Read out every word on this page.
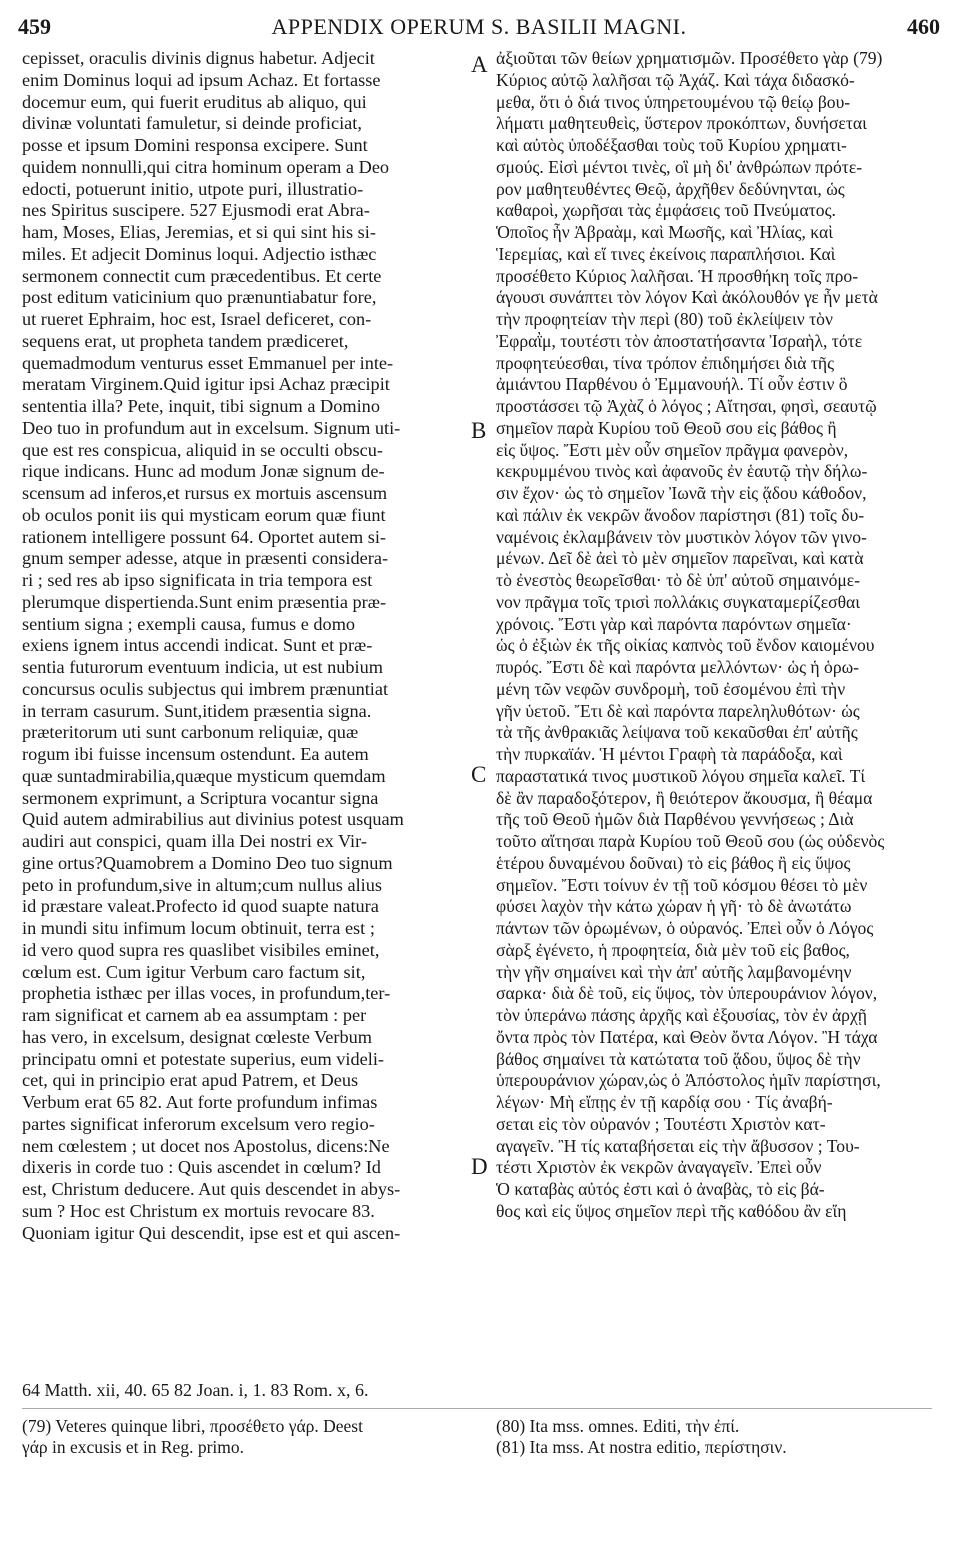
459	APPENDIX OPERUM S. BASILII MAGNI.	460
cepisset, oraculis divinis dignus habetur. Adjecit
enim Dominus loqui ad ipsum Achaz. Et fortasse
docemur eum, qui fuerit eruditus ab aliquo, qui
divinæ voluntati famuletur, si deinde proficiat,
posse et ipsum Domini responsa excipere. Sunt
quidem nonnulli,qui citra hominum operam a Deo
edocti, potuerunt initio, utpote puri, illustratio-
nes Spiritus suscipere. 527 Ejusmodi erat Abra-
ham, Moses, Elias, Jeremias, et si qui sint his si-
miles. Et adjecit Dominus loqui. Adjectio isthæc
sermonem connectit cum præcedentibus. Et certe
post editum vaticinium quo prænuntiabatur fore,
ut rueret Ephraim, hoc est, Israel deficeret, con-
sequens erat, ut propheta tandem prædiceret,
quemadmodum venturus esset Emmanuel per inte-
meratam Virginem.Quid igitur ipsi Achaz præcipit
sententia illa? Pete, inquit, tibi signum a Domino
Deo tuo in profundum aut in excelsum. Signum uti-
que est res conspicua, aliquid in se occulti obscu-
rique indicans. Hunc ad modum Jonæ signum de-
scensum ad inferos,et rursus ex mortuis ascensum
ob oculos ponit iis qui mysticam eorum quæ fiunt
rationem intelligere possunt 64. Oportet autem si-
gnum semper adesse, atque in præsenti considera-
ri ; sed res ab ipso significata in tria tempora est
plerumque dispertienda.Sunt enim præsentia præ-
sentium signa ; exempli causa, fumus e domo
exiens ignem intus accendi indicat. Sunt et præ-
sentia futurorum eventuum indicia, ut est nubium
concursus oculis subjectus qui imbrem prænuntiat
in terram casurum. Sunt,itidem præsentia signa.
præteritorum uti sunt carbonum reliquiæ, quæ
rogum ibi fuisse incensum ostendunt. Ea autem
quæ suntadmirabilia,quæque mysticum quemdam
sermonem exprimunt, a Scriptura vocantur signa
Quid autem admirabilius aut divinius potest usquam
audiri aut conspici, quam illa Dei nostri ex Vir-
gine ortus?Quamobrem a Domino Deo tuo signum
peto in profundum,sive in altum;cum nullus alius
id præstare valeat.Profecto id quod suapte natura
in mundi situ infimum locum obtinuit, terra est ;
id vero quod supra res quaslibet visibiles eminet,
cœlum est. Cum igitur Verbum caro factum sit,
prophetia isthæc per illas voces, in profundum,ter-
ram significat et carnem ab ea assumptam : per
has vero, in excelsum, designat cœleste Verbum
principatu omni et potestate superius, eum videli-
cet, qui in principio erat apud Patrem, et Deus
Verbum erat 65 82. Aut forte profundum infimas
partes significat inferorum excelsum vero regio-
nem cœlestem ; ut docet nos Apostolus, dicens:Ne
dixeris in corde tuo : Quis ascendet in cœlum? Id
est, Christum deducere. Aut quis descendet in abys-
sum ? Hoc est Christum ex mortuis revocare 83.
Quoniam igitur Qui descendit, ipse est et qui ascen-
ἀξιοῦται τῶν θείων χρηματισμῶν. Προσέθετο γὰρ (79)
Κύριος αὐτῷ λαλῆσαι τῷ Ἀχάζ. Καὶ τάχα διδασκό-
μεθα, ὅτι ὁ διά τινος ὑπηρετουμένου τῷ θείῳ βου-
λήματι μαθητευθεὶς, ὕστερον προκόπτων, δυνήσεται
καὶ αὐτὸς ὑποδέξασθαι τοὺς τοῦ Κυρίου χρηματι-
σμούς. Εἰσὶ μέντοι τινὲς, οἳ μὴ δι' ἀνθρώπων πρότε-
ρον μαθητευθέντες Θεῷ, ἀρχῆθεν δεδύνηνται, ὡς
καθαροὶ, χωρῆσαι τὰς ἐμφάσεις τοῦ Πνεύματος.
Ὁποῖος ἦν Ἀβραὰμ, καὶ Μωσῆς, καὶ Ἠλίας, καὶ
Ἱερεμίας, καὶ εἴ τινες ἐκείνοις παραπλήσιοι. Καὶ
προσέθετο Κύριος λαλῆσαι. Ἡ προσθήκη τοῖς προ-
άγουσι συνάπτει τὸν λόγον Καὶ ἀκόλουθόν γε ἦν μετὰ
τὴν προφητείαν τὴν περὶ (80) τοῦ ἐκλείψειν τὸν
Ἐφραῒμ, τουτέστι τὸν ἀποστατήσαντα Ἰσραὴλ, τότε
προφητεύεσθαι, τίνα τρόπον ἐπιδημήσει διὰ τῆς
ἀμιάντου Παρθένου ὁ Ἐμμανουήλ. Τί οὖν ἐστιν ὃ
προστάσσει τῷ Ἀχὰζ ὁ λόγος ; Αἴτησαι, φησὶ, σεαυτῷ
σημεῖον παρὰ Κυρίου τοῦ Θεοῦ σου εἰς βάθος ἢ
εἰς ὕψος. Ἔστι μὲν οὖν σημεῖον πρᾶγμα φανερὸν,
κεκρυμμένου τινὸς καὶ ἀφανοῦς ἐν ἑαυτῷ τὴν δήλω-
σιν ἔχον· ὡς τὸ σημεῖον Ἰωνᾶ τὴν εἰς ᾅδου κάθοδον,
καὶ πάλιν ἐκ νεκρῶν ἄνοδον παρίστησι (81) τοῖς δυ-
ναμένοις ἐκλαμβάνειν τὸν μυστικὸν λόγον τῶν γινο-
μένων. Δεῖ δὲ ἀεὶ τὸ μὲν σημεῖον παρεῖναι, καὶ κατὰ
τὸ ἐνεστὸς θεωρεῖσθαι· τὸ δὲ ὑπ' αὐτοῦ σημαινόμε-
νον πρᾶγμα τοῖς τρισὶ πολλάκις συγκαταμερίζεσθαι
χρόνοις. Ἔστι γὰρ καὶ παρόντα παρόντων σημεῖα·
ὡς ὁ ἐξιὼν ἐκ τῆς οἰκίας καπνὸς τοῦ ἔνδον καιομένου
πυρός. Ἔστι δὲ καὶ παρόντα μελλόντων· ὡς ἡ ὁρω-
μένη τῶν νεφῶν συνδρομὴ, τοῦ ἐσομένου ἐπὶ τὴν
γῆν ὑετοῦ. Ἔτι δὲ καὶ παρόντα παρεληλυθότων· ὡς
τὰ τῆς ἀνθρακιᾶς λείψανα τοῦ κεκαῦσθαι ἐπ' αὐτῆς
τὴν πυρκαϊάν. Ἡ μέντοι Γραφὴ τὰ παράδοξα, καὶ
παραστατικά τινος μυστικοῦ λόγου σημεῖα καλεῖ. Τί
δὲ ἂν παραδοξότερον, ἢ θειότερον ἄκουσμα, ἢ θέαμα
τῆς τοῦ Θεοῦ ἡμῶν διὰ Παρθένου γεννήσεως ; Διὰ
τοῦτο αἴτησαι παρὰ Κυρίου τοῦ Θεοῦ σου (ὡς οὐδενὸς
ἑτέρου δυναμένου δοῦναι) τὸ εἰς βάθος ἢ εἰς ὕψος
σημεῖον. Ἔστι τοίνυν ἐν τῇ τοῦ κόσμου θέσει τὸ μὲν
φύσει λαχὸν τὴν κάτω χώραν ἡ γῆ· τὸ δὲ ἀνωτάτω
πάντων τῶν ὁρωμένων, ὁ οὐρανός. Ἐπεὶ οὖν ὁ Λόγος
σὰρξ ἐγένετο, ἡ προφητεία, διὰ μὲν τοῦ εἰς βαθος,
τὴν γῆν σημαίνει καὶ τὴν ἀπ' αὐτῆς λαμβανομένην
σαρκα· διὰ δὲ τοῦ, εἰς ὕψος, τὸν ὑπερουράνιον λόγον,
τὸν ὑπεράνω πάσης ἀρχῆς καὶ ἐξουσίας, τὸν ἐν ἀρχῇ
ὄντα πρὸς τὸν Πατέρα, καὶ Θεὸν ὄντα Λόγον. Ἢ τάχα
βάθος σημαίνει τὰ κατώτατα τοῦ ᾅδου, ὕψος δὲ τὴν
ὑπερουράνιον χώραν,ὡς ὁ Ἀπόστολος ἡμῖν παρίστησι,
λέγων· Μὴ εἴπῃς ἐν τῇ καρδίᾳ σου · Τίς ἀναβή-
σεται εἰς τὸν οὐρανόν ; Τουτέστι Χριστὸν κατ-
αγαγεῖν. Ἢ τίς καταβήσεται εἰς τὴν ἄβυσσον ; Του-
τέστι Χριστὸν ἐκ νεκρῶν ἀναγαγεῖν. Ἐπεὶ οὖν
Ὁ καταβὰς αὐτός ἐστι καὶ ὁ ἀναβὰς, τὸ εἰς βά-
θος καὶ εἰς ὕψος σημεῖον περὶ τῆς καθόδου ἂν εἴη
A
B
C
D
64 Matth. xii, 40. 65 82 Joan. i, 1. 83 Rom. x, 6.
(79) Veteres quinque libri, προσέθετο γάρ. Deest
γάρ in excusis et in Reg. primo.
(80) Ita mss. omnes. Editi, τὴν ἐπί.
(81) Ita mss. At nostra editio, περίστησιν.
